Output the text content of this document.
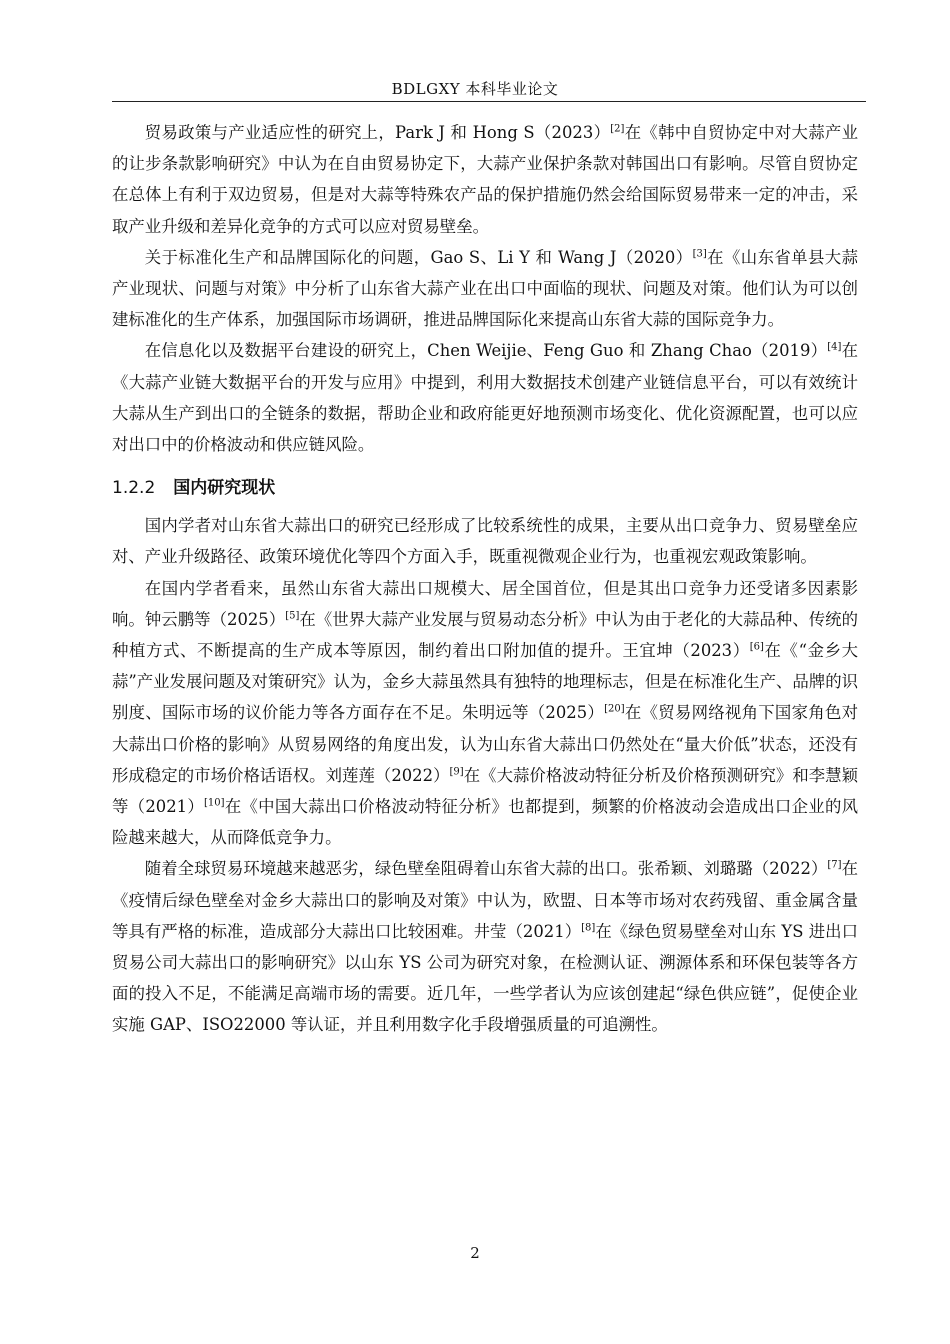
BDLGXY 本科毕业论文

贸易政策与产业适应性的研究上，Park J 和 Hong S（2023）[2]在《韩中自贸协定中对大蒜产业的让步条款影响研究》中认为在自由贸易协定下，大蒜产业保护条款对韩国出口有影响。尽管自贸协定在总体上有利于双边贸易，但是对大蒜等特殊农产品的保护措施仍然会给国际贸易带来一定的冲击，采取产业升级和差异化竞争的方式可以应对贸易壁垒。

关于标准化生产和品牌国际化的问题，Gao S、Li Y 和 Wang J（2020）[3]在《山东省单县大蒜产业现状、问题与对策》中分析了山东省大蒜产业在出口中面临的现状、问题及对策。他们认为可以创建标准化的生产体系，加强国际市场调研，推进品牌国际化来提高山东省大蒜的国际竞争力。

在信息化以及数据平台建设的研究上，Chen Weijie、Feng Guo 和 Zhang Chao（2019）[4]在《大蒜产业链大数据平台的开发与应用》中提到，利用大数据技术创建产业链信息平台，可以有效统计大蒜从生产到出口的全链条的数据，帮助企业和政府能更好地预测市场变化、优化资源配置，也可以应对出口中的价格波动和供应链风险。

1.2.2 国内研究现状

国内学者对山东省大蒜出口的研究已经形成了比较系统性的成果，主要从出口竞争力、贸易壁垒应对、产业升级路径、政策环境优化等四个方面入手，既重视微观企业行为，也重视宏观政策影响。

在国内学者看来，虽然山东省大蒜出口规模大、居全国首位，但是其出口竞争力还受诸多因素影响。钟云鹏等（2025）[5]在《世界大蒜产业发展与贸易动态分析》中认为由于老化的大蒜品种、传统的种植方式、不断提高的生产成本等原因，制约着出口附加值的提升。王宜坤（2023）[6]在《“金乡大蒜”产业发展问题及对策研究》认为，金乡大蒜虽然具有独特的地理标志，但是在标准化生产、品牌的识别度、国际市场的议价能力等各方面存在不足。朱明远等（2025）[20]在《贸易网络视角下国家角色对大蒜出口价格的影响》从贸易网络的角度出发，认为山东省大蒜出口仍然处在“量大价低”状态，还没有形成稳定的市场价格话语权。刘莲莲（2022）[9]在《大蒜价格波动特征分析及价格预测研究》和李慧颖等（2021）[10]在《中国大蒜出口价格波动特征分析》也都提到，频繁的价格波动会造成出口企业的风险越来越大，从而降低竞争力。

随着全球贸易环境越来越恶劣，绿色壁垒阻碍着山东省大蒜的出口。张希颖、刘璐璐（2022）[7]在《疫情后绿色壁垒对金乡大蒜出口的影响及对策》中认为，欧盟、日本等市场对农药残留、重金属含量等具有严格的标准，造成部分大蒜出口比较困难。井莹（2021）[8]在《绿色贸易壁垒对山东 YS 进出口贸易公司大蒜出口的影响研究》以山东 YS 公司为研究对象，在检测认证、溯源体系和环保包装等各方面的投入不足，不能满足高端市场的需要。近几年，一些学者认为应该创建起“绿色供应链”，促使企业实施 GAP、ISO22000 等认证，并且利用数字化手段增强质量的可追溯性。

2
